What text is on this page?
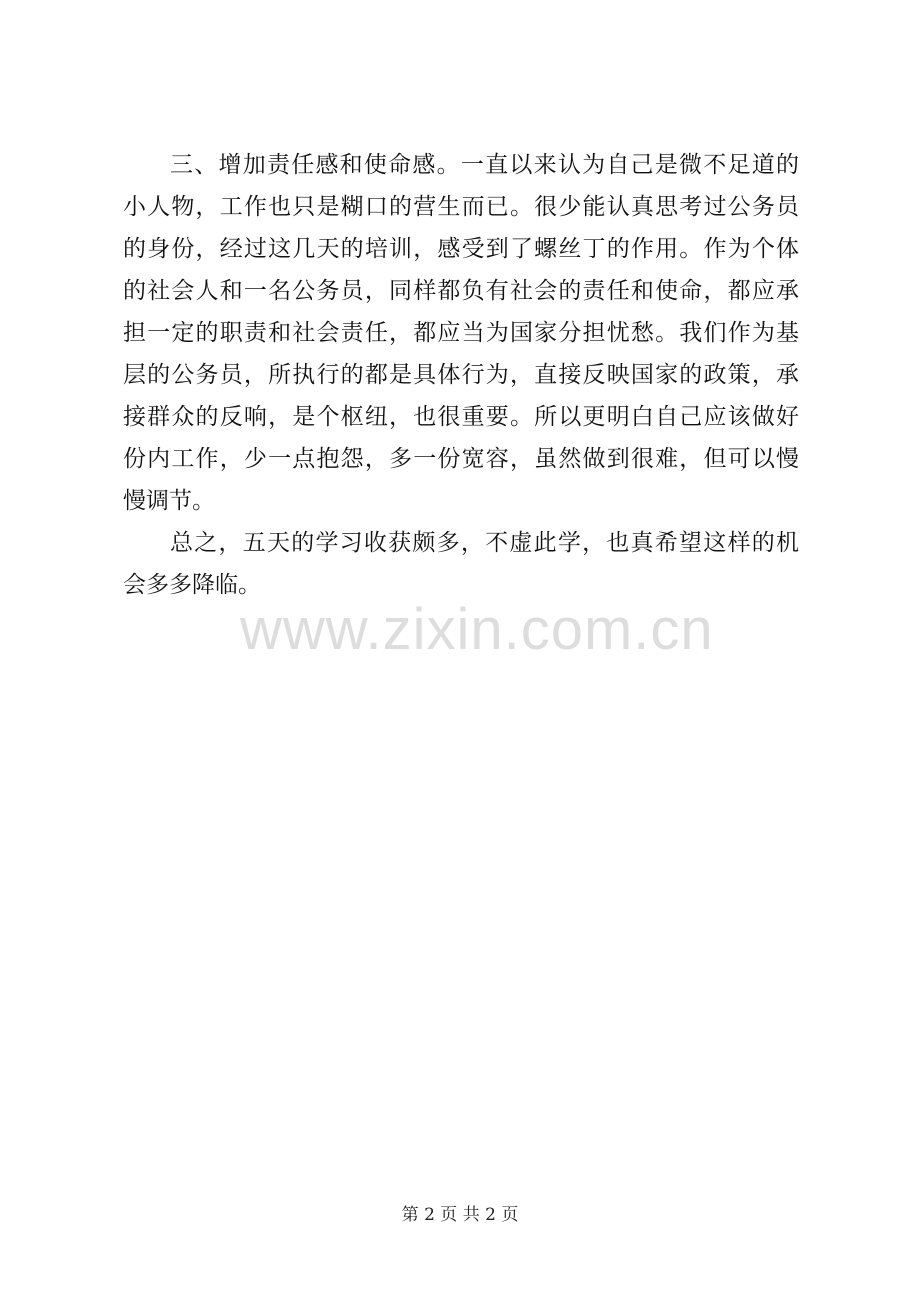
三、增加责任感和使命感。一直以来认为自己是微不足道的
小人物，工作也只是糊口的营生而已。很少能认真思考过公务员
的身份，经过这几天的培训，感受到了螺丝丁的作用。作为个体
的社会人和一名公务员，同样都负有社会的责任和使命，都应承
担一定的职责和社会责任，都应当为国家分担忧愁。我们作为基
层的公务员，所执行的都是具体行为，直接反映国家的政策，承
接群众的反响，是个枢纽，也很重要。所以更明白自己应该做好
份内工作，少一点抱怨，多一份宽容，虽然做到很难，但可以慢
慢调节。
总之，五天的学习收获颇多，不虚此学，也真希望这样的机
会多多降临。
www.zixin.com.cn
第 2 页 共 2 页
